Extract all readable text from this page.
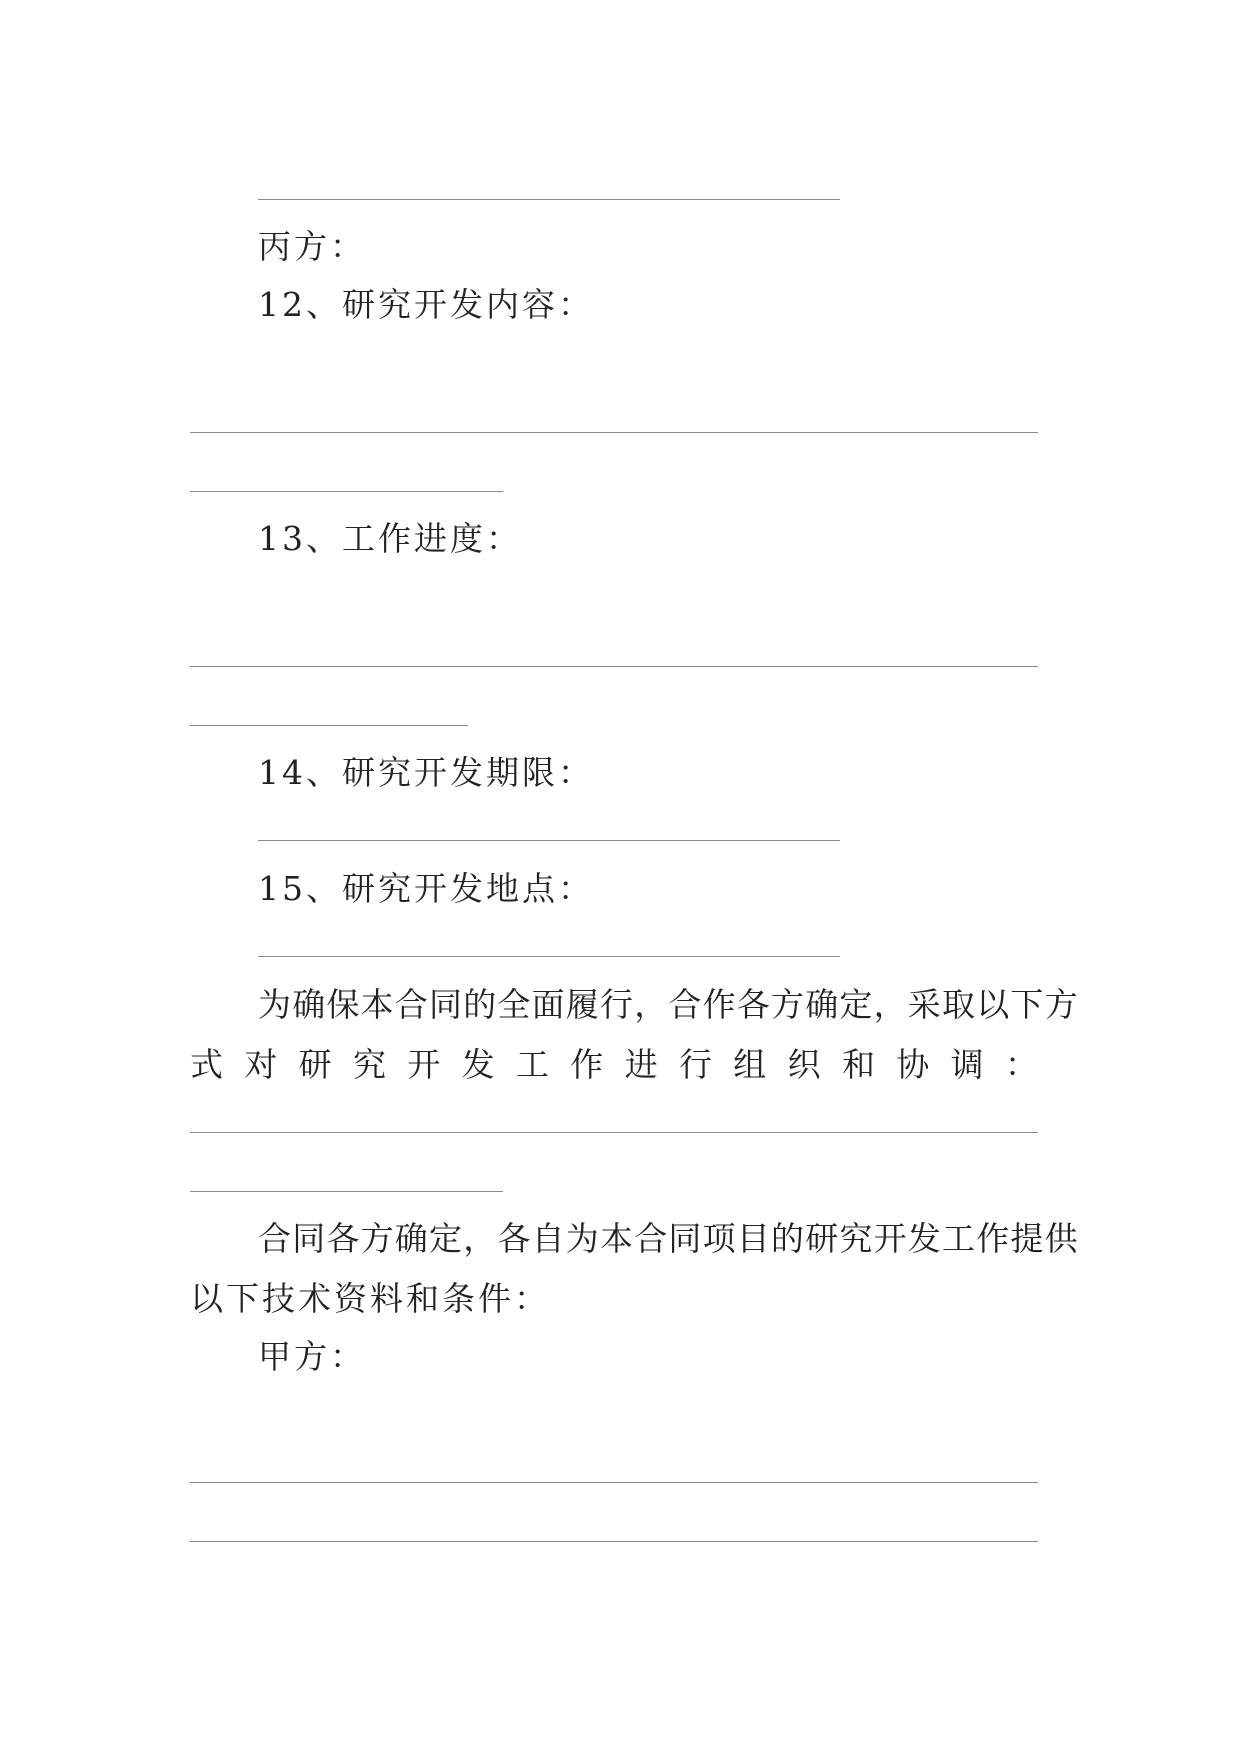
丙方：
12、研究开发内容：
13、工作进度：
14、研究开发期限：
15、研究开发地点：
为确保本合同的全面履行，合作各方确定，采取以下方
式 对 研 究 开 发 工 作 进 行 组 织 和 协 调 ：
合同各方确定，各自为本合同项目的研究开发工作提供
以下技术资料和条件：
甲方：
